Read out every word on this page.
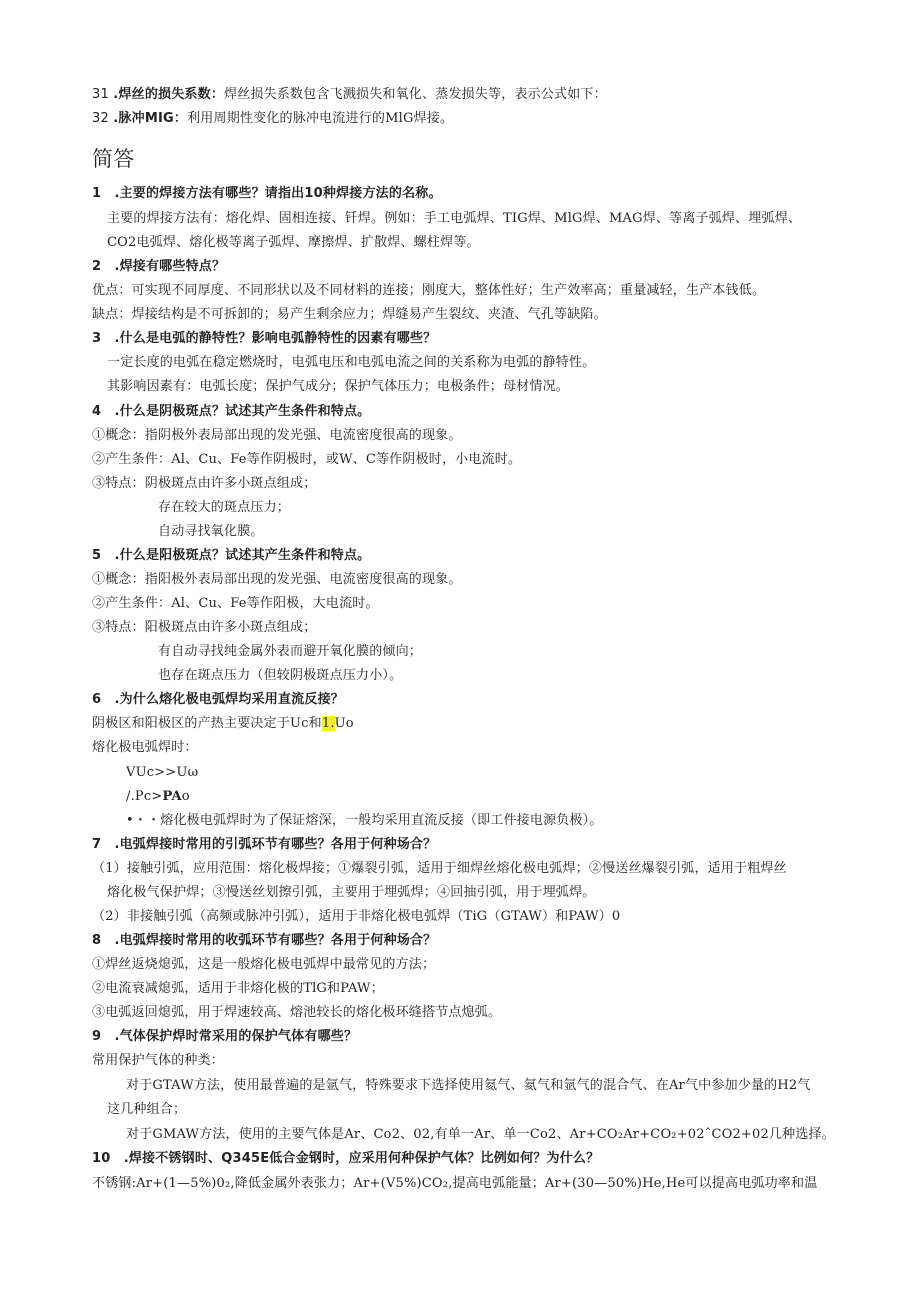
31 .焊丝的损失系数：焊丝损失系数包含飞溅损失和氧化、蒸发损失等，表示公式如下：
32 .脉冲MIG：利用周期性变化的脉冲电流进行的MlG焊接。
简答
1　.主要的焊接方法有哪些？请指出10种焊接方法的名称。
主要的焊接方法有：熔化焊、固相连接、钎焊。例如：手工电弧焊、TIG焊、MlG焊、MAG焊、等离子弧焊、埋弧焊、
CO2电弧焊、熔化极等离子弧焊、摩擦焊、扩散焊、螺柱焊等。
2　.焊接有哪些特点？
优点：可实现不同厚度、不同形状以及不同材料的连接；刚度大，整体性好；生产效率高；重量减轻，生产本钱低。
缺点：焊接结构是不可拆卸的；易产生剩余应力；焊缝易产生裂纹、夹渣、气孔等缺陷。
3　.什么是电弧的静特性？影响电弧静特性的因素有哪些？
一定长度的电弧在稳定燃烧时，电弧电压和电弧电流之间的关系称为电弧的静特性。
其影响因素有：电弧长度；保护气成分；保护气体压力；电极条件；母材情况。
4　.什么是阴极斑点？试述其产生条件和特点。
①概念：指阴极外表局部出现的发光强、电流密度很高的现象。
②产生条件：Al、Cu、Fe等作阴极时，或W、C等作阴极时，小电流时。
③特点：阴极斑点由许多小斑点组成；
存在较大的斑点压力；
自动寻找氧化膜。
5　.什么是阳极斑点？试述其产生条件和特点。
①概念：指阳极外表局部出现的发光强、电流密度很高的现象。
②产生条件：Al、Cu、Fe等作阳极，大电流时。
③特点：阳极斑点由许多小斑点组成；
有自动寻找纯金属外表而避开氧化膜的倾向；
也存在斑点压力（但较阴极斑点压力小）。
6　.为什么熔化极电弧焊均采用直流反接？
阴极区和阳极区的产热主要决定于Uc和1.Uo
熔化极电弧焊时：
VUc>>Uω
/.Pc>PAo
•・・熔化极电弧焊时为了保证熔深，一般均采用直流反接（即工件接电源负极）。
7　.电弧焊接时常用的引弧环节有哪些？各用于何种场合？
（1）接触引弧，应用范围：熔化极焊接；①爆裂引弧，适用于细焊丝熔化极电弧焊；②慢送丝爆裂引弧，适用于粗焊丝
熔化极气保护焊；③慢送丝划擦引弧，主要用于埋弧焊；④回抽引弧，用于埋弧焊。
（2）非接触引弧（高频或脉冲引弧），适用于非熔化极电弧焊（TiG（GTAW）和PAW）0
8　.电弧焊接时常用的收弧环节有哪些？各用于何种场合？
①焊丝返烧熄弧，这是一般熔化极电弧焊中最常见的方法；
②电流衰减熄弧，适用于非熔化极的TlG和PAW；
③电弧返回熄弧，用于焊速较高、熔池较长的熔化极环缝搭节点熄弧。
9　.气体保护焊时常采用的保护气体有哪些？
常用保护气体的种类：
对于GTAW方法，使用最普遍的是氩气，特殊要求下选择使用氦气、氦气和氩气的混合气、在Ar气中参加少量的H2气
这几种组合；
对于GMAW方法，使用的主要气体是Ar、Co2、02,有单一Ar、单一Co2、Ar+CO₂Ar+CO₂+02ˆCO2+02几种选择。
10　.焊接不锈钢时、Q345E低合金钢时，应采用何种保护气体？比例如何？为什么？
不锈钢:Ar+(1—5%)0₂,降低金属外表张力；Ar+(V5%)CO₂,提高电弧能量；Ar+(30—50%)He,He可以提高电弧功率和温
